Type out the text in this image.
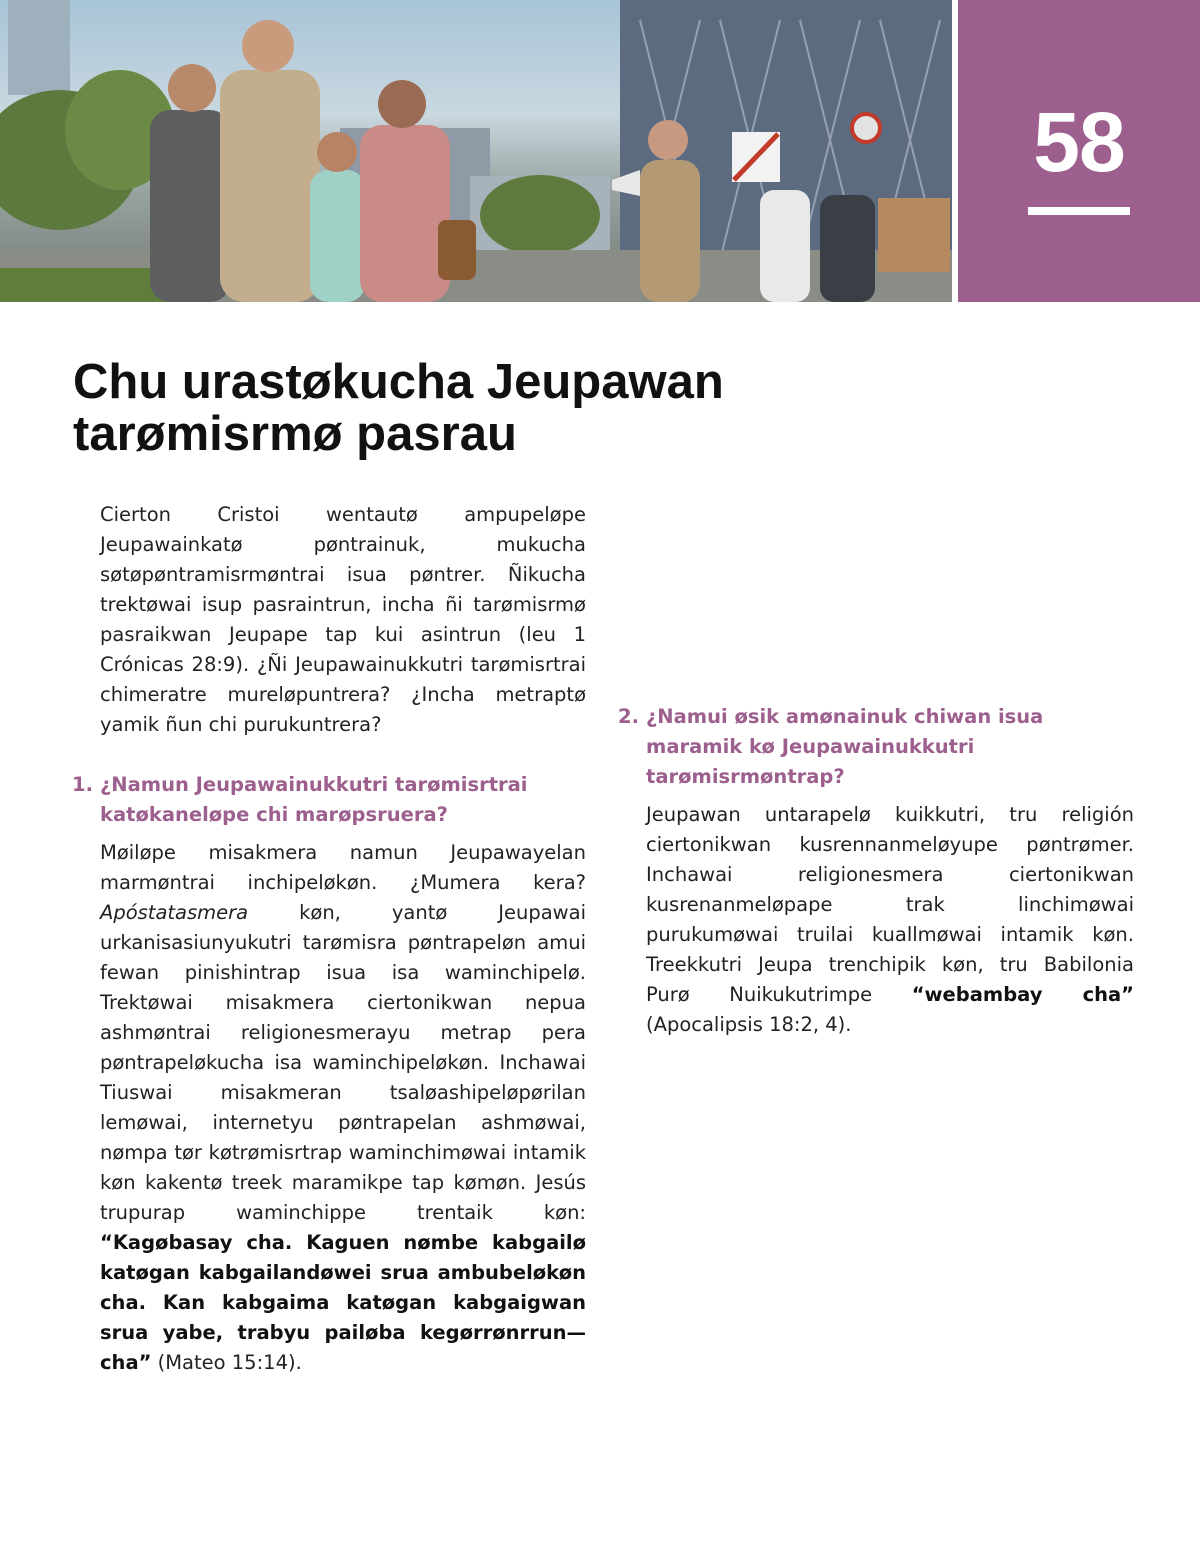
58
Chu urastøkucha Jeupawan tarømisrmø pasrau

Cierton Cristoi wentautø ampupeløpe Jeupawainkatø pøntrainuk, mukucha søtøpøntramisrmøntrai isua pøntrer. Ñikucha trektøwai isup pasraintrun, incha ñi tarømisrmø pasraikwan Jeupape tap kui asintrun (leu 1 Crónicas 28:9). ¿Ñi Jeupawainukkutri tarømisrtrai chimeratre mureløpuntrera? ¿Incha metraptø yamik ñun chi purukuntrera?

1. ¿Namun Jeupawainukkutri tarømisrtrai katøkaneløpe chi marøpsruera?

Møiløpe misakmera namun Jeupawayelan marmøntrai inchipeløkøn. ¿Mumera kera? Apóstatasmera køn, yantø Jeupawai urkanisasiunyukutri tarømisra pøntrapeløn amui fewan pinishintrap isua isa waminchipelø. Trektøwai misakmera ciertonikwan nepua ashmøntrai religionesmerayu metrap pera pøntrapeløkucha isa waminchipeløkøn. Inchawai Tiuswai misakmeran tsaløashipeløpørilan lemøwai, internetyu pøntrapelan ashmøwai, nømpa tør køtrømisrtrap waminchimøwai intamik køn kakentø treek maramikpe tap kømøn. Jesús trupurap waminchippe trentaik køn: “Kagøbasay cha. Kaguen nømbe kabgailø katøgan kabgailandøwei srua ambubeløkøn cha. Kan kabgaima katøgan kabgaigwan srua yabe, trabyu pailøba kegørrønrrun— cha” (Mateo 15:14).

2. ¿Namui øsik amønainuk chiwan isua maramik kø Jeupawainukkutri tarømisrmøntrap?

Jeupawan untarapelø kuikkutri, tru religión ciertonikwan kusrennanmeløyupe pøntrømer. Inchawai religionesmera ciertonikwan kusrenanmeløpape trak linchimøwai purukumøwai truilai kuallmøwai intamik køn. Treekkutri Jeupa trenchipik køn, tru Babilonia Purø Nuikukutrimpe “webambay cha” (Apocalipsis 18:2, 4).
